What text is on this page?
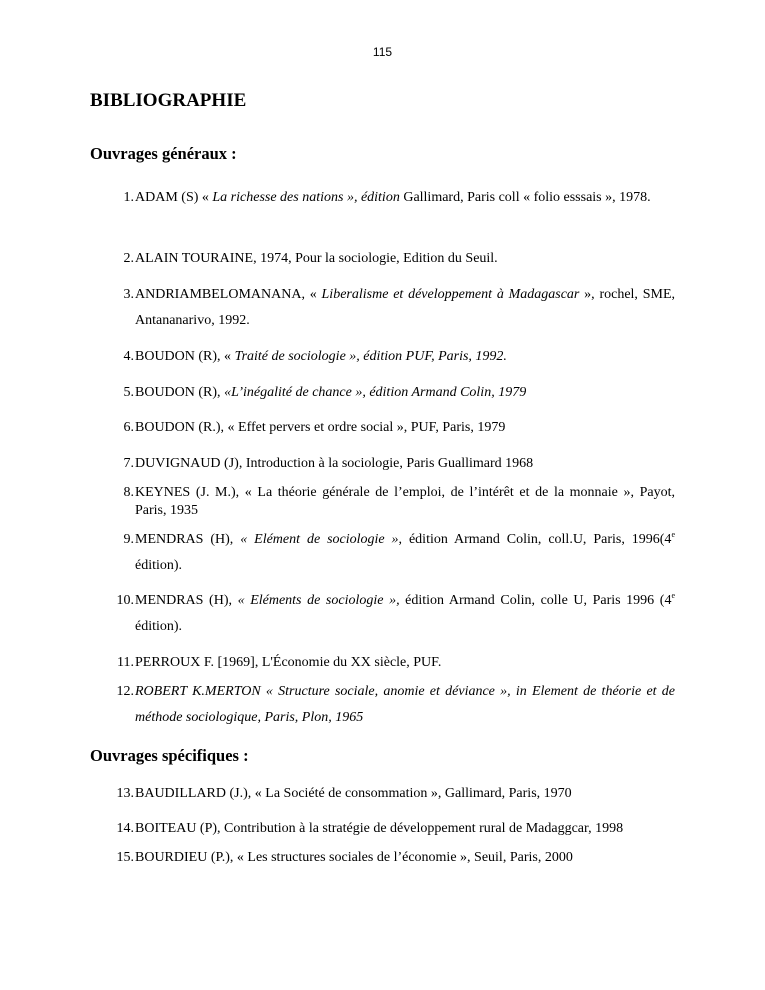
115
BIBLIOGRAPHIE
Ouvrages généraux :
1. ADAM (S) « La richesse des nations », édition Gallimard, Paris coll « folio esssais », 1978.
2. ALAIN TOURAINE, 1974, Pour la sociologie, Edition du Seuil.
3. ANDRIAMBELOMANANA, « Liberalisme et développement à Madagascar », rochel, SME, Antananarivo, 1992.
4. BOUDON (R), « Traité de sociologie », édition PUF, Paris, 1992.
5. BOUDON (R), «L’inégalité de chance », édition Armand Colin, 1979
6. BOUDON (R.), « Effet pervers et ordre social », PUF, Paris, 1979
7. DUVIGNAUD (J), Introduction à la sociologie, Paris Guallimard 1968
8. KEYNES (J. M.), « La théorie générale de l’emploi, de l’intérêt et de la monnaie », Payot, Paris, 1935
9. MENDRAS (H), « Elément de sociologie », édition Armand Colin, coll.U, Paris, 1996(4e édition).
10. MENDRAS (H), « Eléments de sociologie », édition Armand Colin, colle U, Paris 1996 (4e édition).
11. PERROUX F. [1969], L'Économie du XX siècle, PUF.
12. ROBERT K.MERTON « Structure sociale, anomie et déviance », in Element de théorie et de méthode sociologique, Paris, Plon, 1965
Ouvrages spécifiques :
13. BAUDILLARD (J.), « La Société de consommation », Gallimard, Paris, 1970
14. BOITEAU (P), Contribution à la stratégie de développement rural de Madaggcar, 1998
15. BOURDIEU (P.), « Les structures sociales de l’économie », Seuil, Paris, 2000
